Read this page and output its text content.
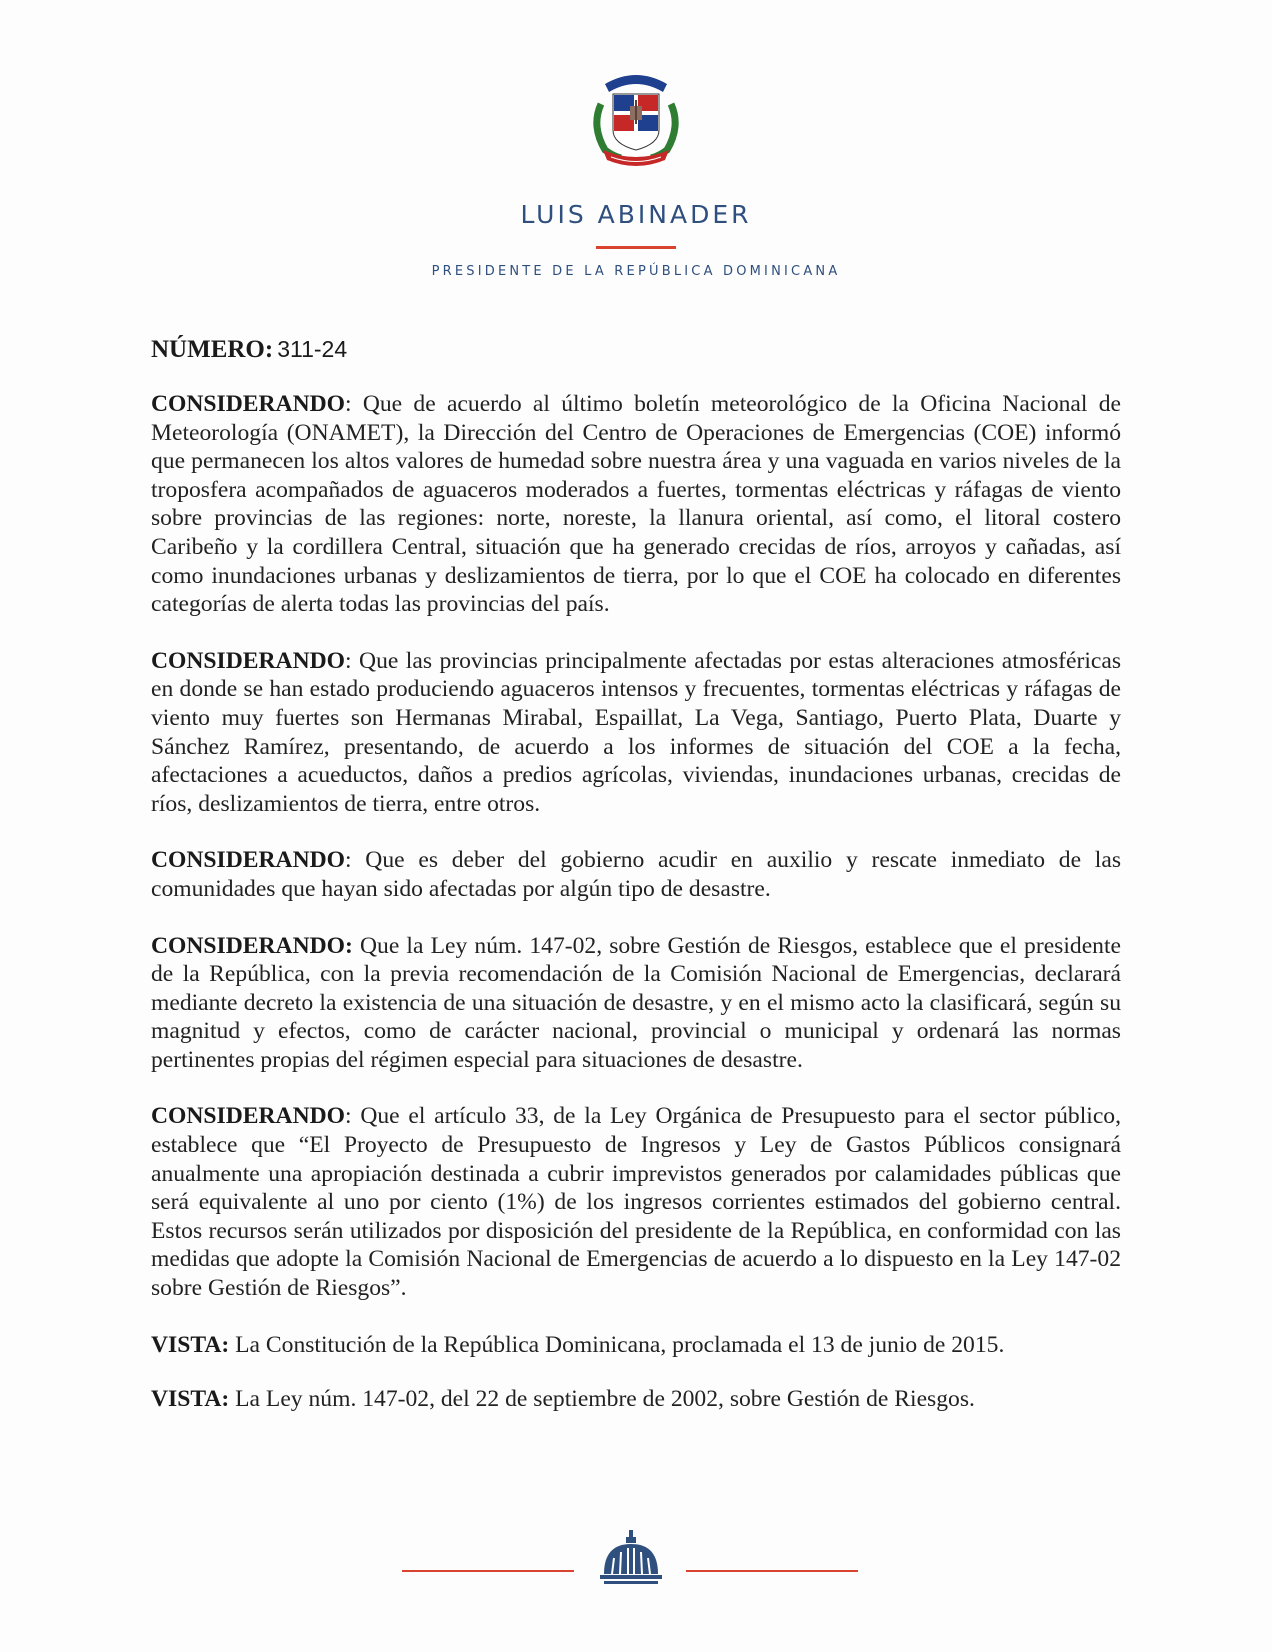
LUIS ABINADER
PRESIDENTE DE LA REPÚBLICA DOMINICANA
NÚMERO: 311-24

CONSIDERANDO: Que de acuerdo al último boletín meteorológico de la Oficina Nacional de Meteorología (ONAMET), la Dirección del Centro de Operaciones de Emergencias (COE) informó que permanecen los altos valores de humedad sobre nuestra área y una vaguada en varios niveles de la troposfera acompañados de aguaceros moderados a fuertes, tormentas eléctricas y ráfagas de viento sobre provincias de las regiones: norte, noreste, la llanura oriental, así como, el litoral costero Caribeño y la cordillera Central, situación que ha generado crecidas de ríos, arroyos y cañadas, así como inundaciones urbanas y deslizamientos de tierra, por lo que el COE ha colocado en diferentes categorías de alerta todas las provincias del país.

CONSIDERANDO: Que las provincias principalmente afectadas por estas alteraciones atmosféricas en donde se han estado produciendo aguaceros intensos y frecuentes, tormentas eléctricas y ráfagas de viento muy fuertes son Hermanas Mirabal, Espaillat, La Vega, Santiago, Puerto Plata, Duarte y Sánchez Ramírez, presentando, de acuerdo a los informes de situación del COE a la fecha, afectaciones a acueductos, daños a predios agrícolas, viviendas, inundaciones urbanas, crecidas de ríos, deslizamientos de tierra, entre otros.

CONSIDERANDO: Que es deber del gobierno acudir en auxilio y rescate inmediato de las comunidades que hayan sido afectadas por algún tipo de desastre.

CONSIDERANDO: Que la Ley núm. 147-02, sobre Gestión de Riesgos, establece que el presidente de la República, con la previa recomendación de la Comisión Nacional de Emergencias, declarará mediante decreto la existencia de una situación de desastre, y en el mismo acto la clasificará, según su magnitud y efectos, como de carácter nacional, provincial o municipal y ordenará las normas pertinentes propias del régimen especial para situaciones de desastre.

CONSIDERANDO: Que el artículo 33, de la Ley Orgánica de Presupuesto para el sector público, establece que “El Proyecto de Presupuesto de Ingresos y Ley de Gastos Públicos consignará anualmente una apropiación destinada a cubrir imprevistos generados por calamidades públicas que será equivalente al uno por ciento (1%) de los ingresos corrientes estimados del gobierno central. Estos recursos serán utilizados por disposición del presidente de la República, en conformidad con las medidas que adopte la Comisión Nacional de Emergencias de acuerdo a lo dispuesto en la Ley 147-02 sobre Gestión de Riesgos”.

VISTA: La Constitución de la República Dominicana, proclamada el 13 de junio de 2015.

VISTA: La Ley núm. 147-02, del 22 de septiembre de 2002, sobre Gestión de Riesgos.
